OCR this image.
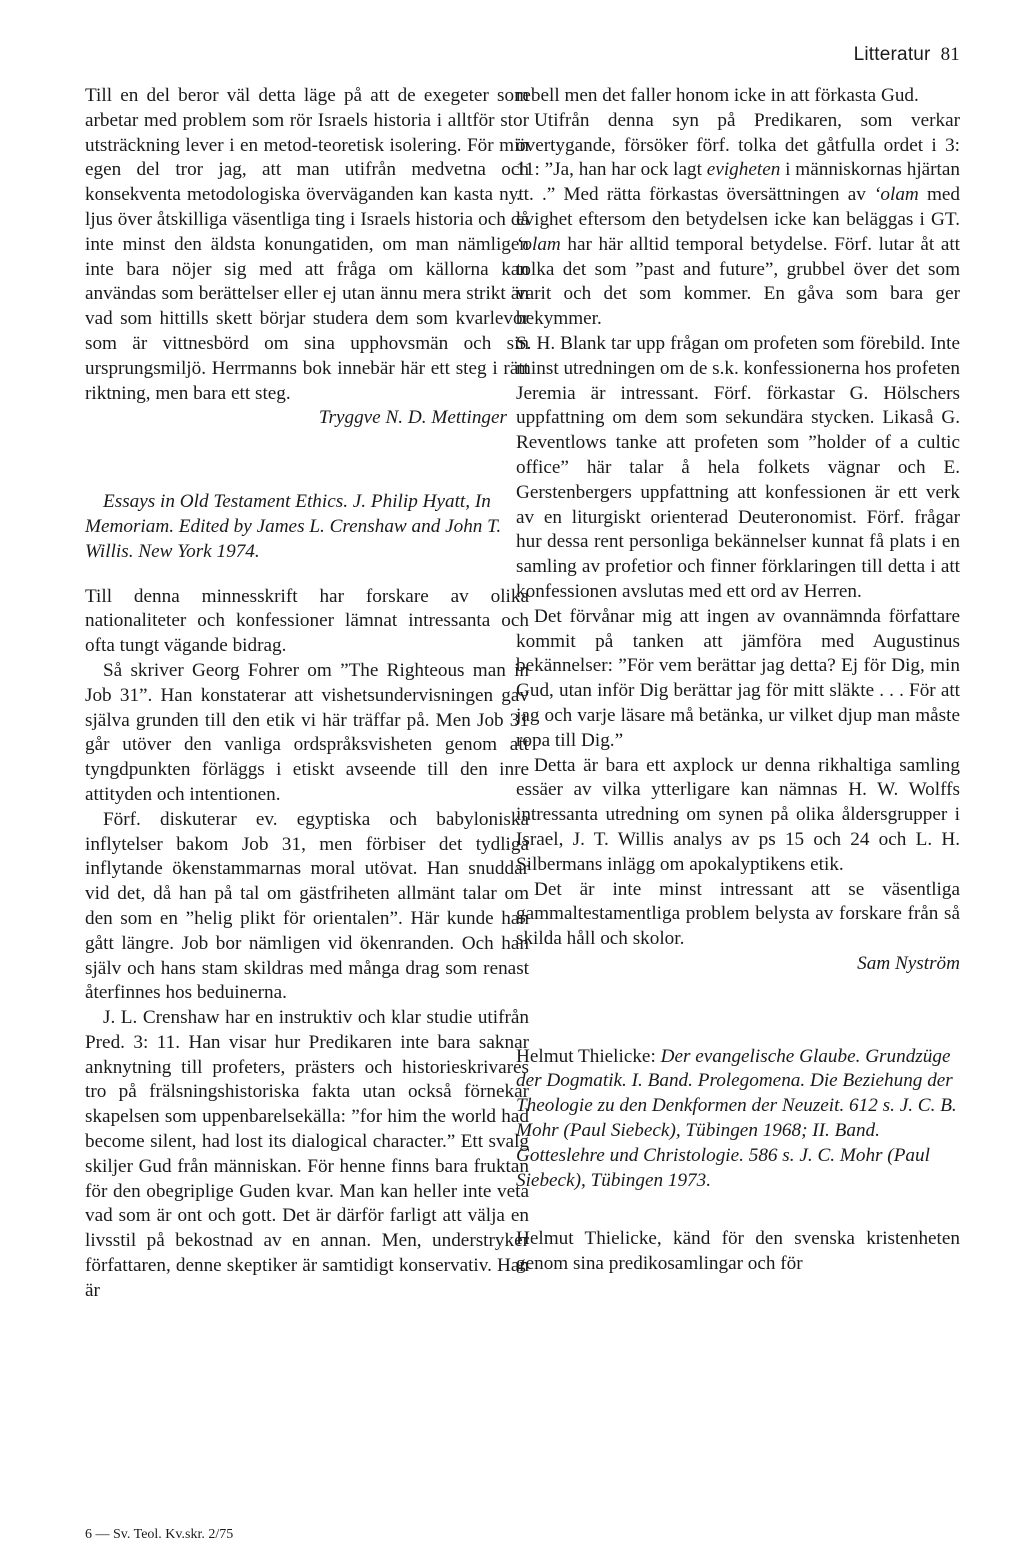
Litteratur 81

Till en del beror väl detta läge på att de exegeter som arbetar med problem som rör Israels historia i alltför stor utsträckning lever i en metod-teoretisk isolering. För min egen del tror jag, att man utifrån medvetna och konsekventa metodologiska överväganden kan kasta nytt ljus över åtskilliga väsentliga ting i Israels historia och då inte minst den äldsta konungatiden, om man nämligen inte bara nöjer sig med att fråga om källorna kan användas som berättelser eller ej utan ännu mera strikt än vad som hittills skett börjar studera dem som kvarlevor som är vittnesbörd om sina upphovsmän och sin ursprungsmiljö. Herrmanns bok innebär här ett steg i rätt riktning, men bara ett steg.

Tryggve N. D. Mettinger

Essays in Old Testament Ethics. J. Philip Hyatt, In Memoriam. Edited by James L. Crenshaw and John T. Willis. New York 1974.

Till denna minnesskrift har forskare av olika nationaliteter och konfessioner lämnat intressanta och ofta tungt vägande bidrag.

Så skriver Georg Fohrer om ”The Righteous man in Job 31”. Han konstaterar att vishetsundervisningen gav själva grunden till den etik vi här träffar på. Men Job 31 går utöver den vanliga ordspråksvisheten genom att tyngdpunkten förläggs i etiskt avseende till den inre attityden och intentionen.

Förf. diskuterar ev. egyptiska och babyloniska inflytelser bakom Job 31, men förbiser det tydliga inflytande ökenstammarnas moral utövat. Han snuddar vid det, då han på tal om gästfriheten allmänt talar om den som en ”helig plikt för orientalen”. Här kunde han gått längre. Job bor nämligen vid ökenranden. Och han själv och hans stam skildras med många drag som renast återfinnes hos beduinerna.

J. L. Crenshaw har en instruktiv och klar studie utifrån Pred. 3: 11. Han visar hur Predikaren inte bara saknar anknytning till profeters, prästers och historieskrivares tro på frälsningshistoriska fakta utan också förnekar skapelsen som uppenbarelsekälla: ”for him the world had become silent, had lost its dialogical character.” Ett svalg skiljer Gud från människan. För henne finns bara fruktan för den obegriplige Guden kvar. Man kan heller inte veta vad som är ont och gott. Det är därför farligt att välja en livsstil på bekostnad av en annan. Men, understryker författaren, denne skeptiker är samtidigt konservativ. Han är

rebell men det faller honom icke in att förkasta Gud.

Utifrån denna syn på Predikaren, som verkar övertygande, försöker förf. tolka det gåtfulla ordet i 3: 11: ”Ja, han har ock lagt evigheten i människornas hjärtan . . .” Med rätta förkastas översättningen av ‘olam med evighet eftersom den betydelsen icke kan beläggas i GT. ‘olam har här alltid temporal betydelse. Förf. lutar åt att tolka det som ”past and future”, grubbel över det som varit och det som kommer. En gåva som bara ger bekymmer.

S. H. Blank tar upp frågan om profeten som förebild. Inte minst utredningen om de s.k. konfessionerna hos profeten Jeremia är intressant. Förf. förkastar G. Hölschers uppfattning om dem som sekundära stycken. Likaså G. Reventlows tanke att profeten som ”holder of a cultic office” här talar å hela folkets vägnar och E. Gerstenbergers uppfattning att konfessionen är ett verk av en liturgiskt orienterad Deuteronomist. Förf. frågar hur dessa rent personliga bekännelser kunnat få plats i en samling av profetior och finner förklaringen till detta i att konfessionen avslutas med ett ord av Herren.

Det förvånar mig att ingen av ovannämnda författare kommit på tanken att jämföra med Augustinus bekännelser: ”För vem berättar jag detta? Ej för Dig, min Gud, utan inför Dig berättar jag för mitt släkte . . . För att jag och varje läsare må betänka, ur vilket djup man måste ropa till Dig.”

Detta är bara ett axplock ur denna rikhaltiga samling essäer av vilka ytterligare kan nämnas H. W. Wolffs intressanta utredning om synen på olika åldersgrupper i Israel, J. T. Willis analys av ps 15 och 24 och L. H. Silbermans inlägg om apokalyptikens etik.

Det är inte minst intressant att se väsentliga gammaltestamentliga problem belysta av forskare från så skilda håll och skolor.

Sam Nyström

Helmut Thielicke: Der evangelische Glaube. Grundzüge der Dogmatik. I. Band. Prolegomena. Die Beziehung der Theologie zu den Denkformen der Neuzeit. 612 s. J. C. B. Mohr (Paul Siebeck), Tübingen 1968; II. Band. Gotteslehre und Christologie. 586 s. J. C. Mohr (Paul Siebeck), Tübingen 1973.

Helmut Thielicke, känd för den svenska kristenheten genom sina predikosamlingar och för

6 — Sv. Teol. Kv.skr. 2/75
